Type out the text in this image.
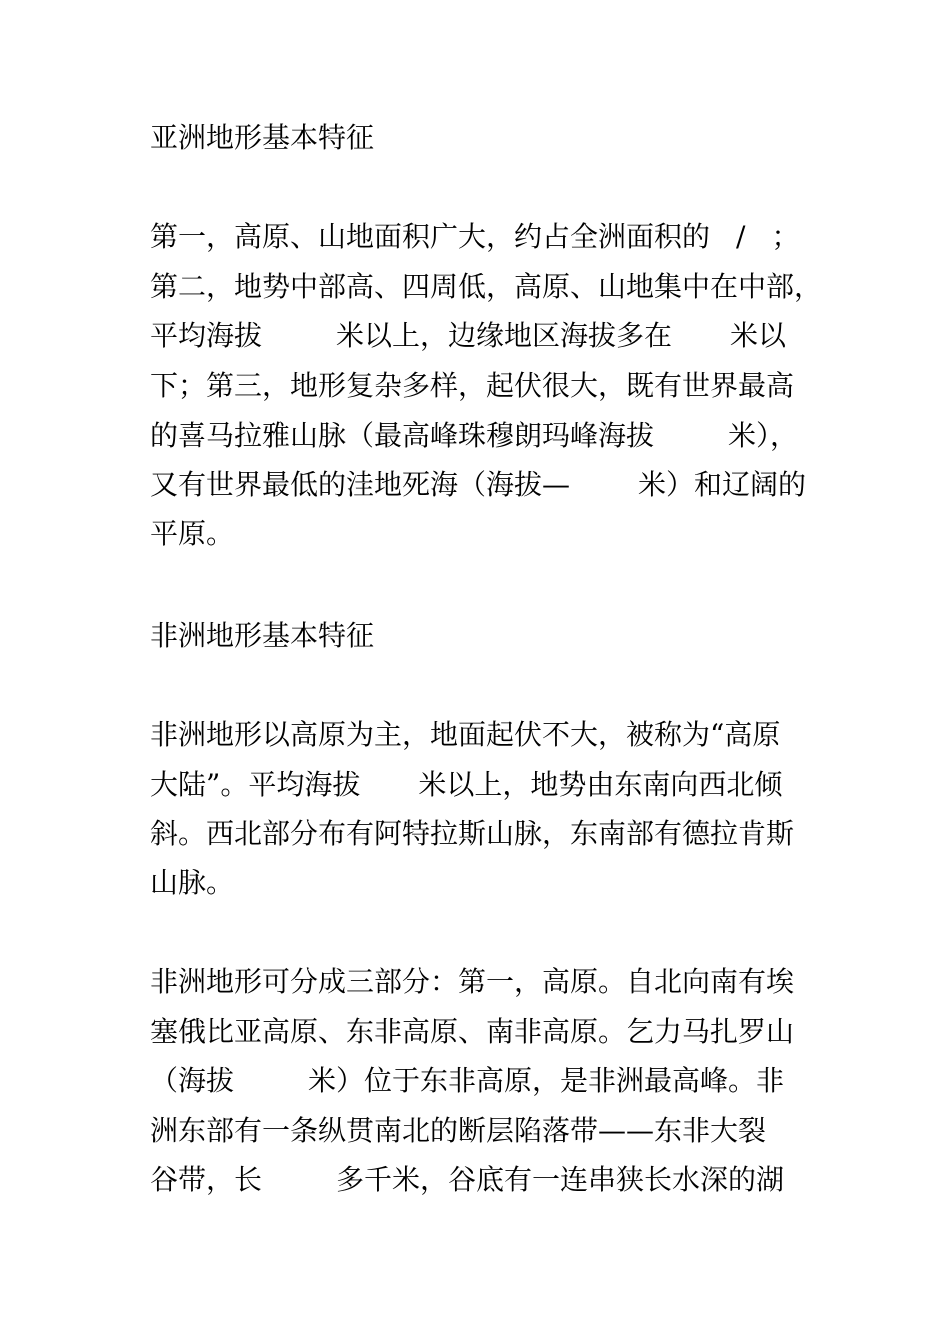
亚洲地形基本特征

第一，高原、山地面积广大，约占全洲面积的 / ；

第二，地势中部高、四周低，高原、山地集中在中部，

平均海拔	米以上，边缘地区海拔多在 米以

下；第三，地形复杂多样，起伏很大，既有世界最高

的喜马拉雅山脉（最高峰珠穆朗玛峰海拔	米），

又有世界最低的洼地死海（海拔— 米）和辽阔的

平原。

非洲地形基本特征

非洲地形以高原为主，地面起伏不大，被称为“高原

大陆”。平均海拔 米以上，地势由东南向西北倾

斜。西北部分布有阿特拉斯山脉，东南部有德拉肯斯

山脉。

非洲地形可分成三部分：第一，高原。自北向南有埃

塞俄比亚高原、东非高原、南非高原。乞力马扎罗山

（海拔	米）位于东非高原，是非洲最高峰。非

洲东部有一条纵贯南北的断层陷落带——东非大裂

谷带，长	多千米，谷底有一连串狭长水深的湖
